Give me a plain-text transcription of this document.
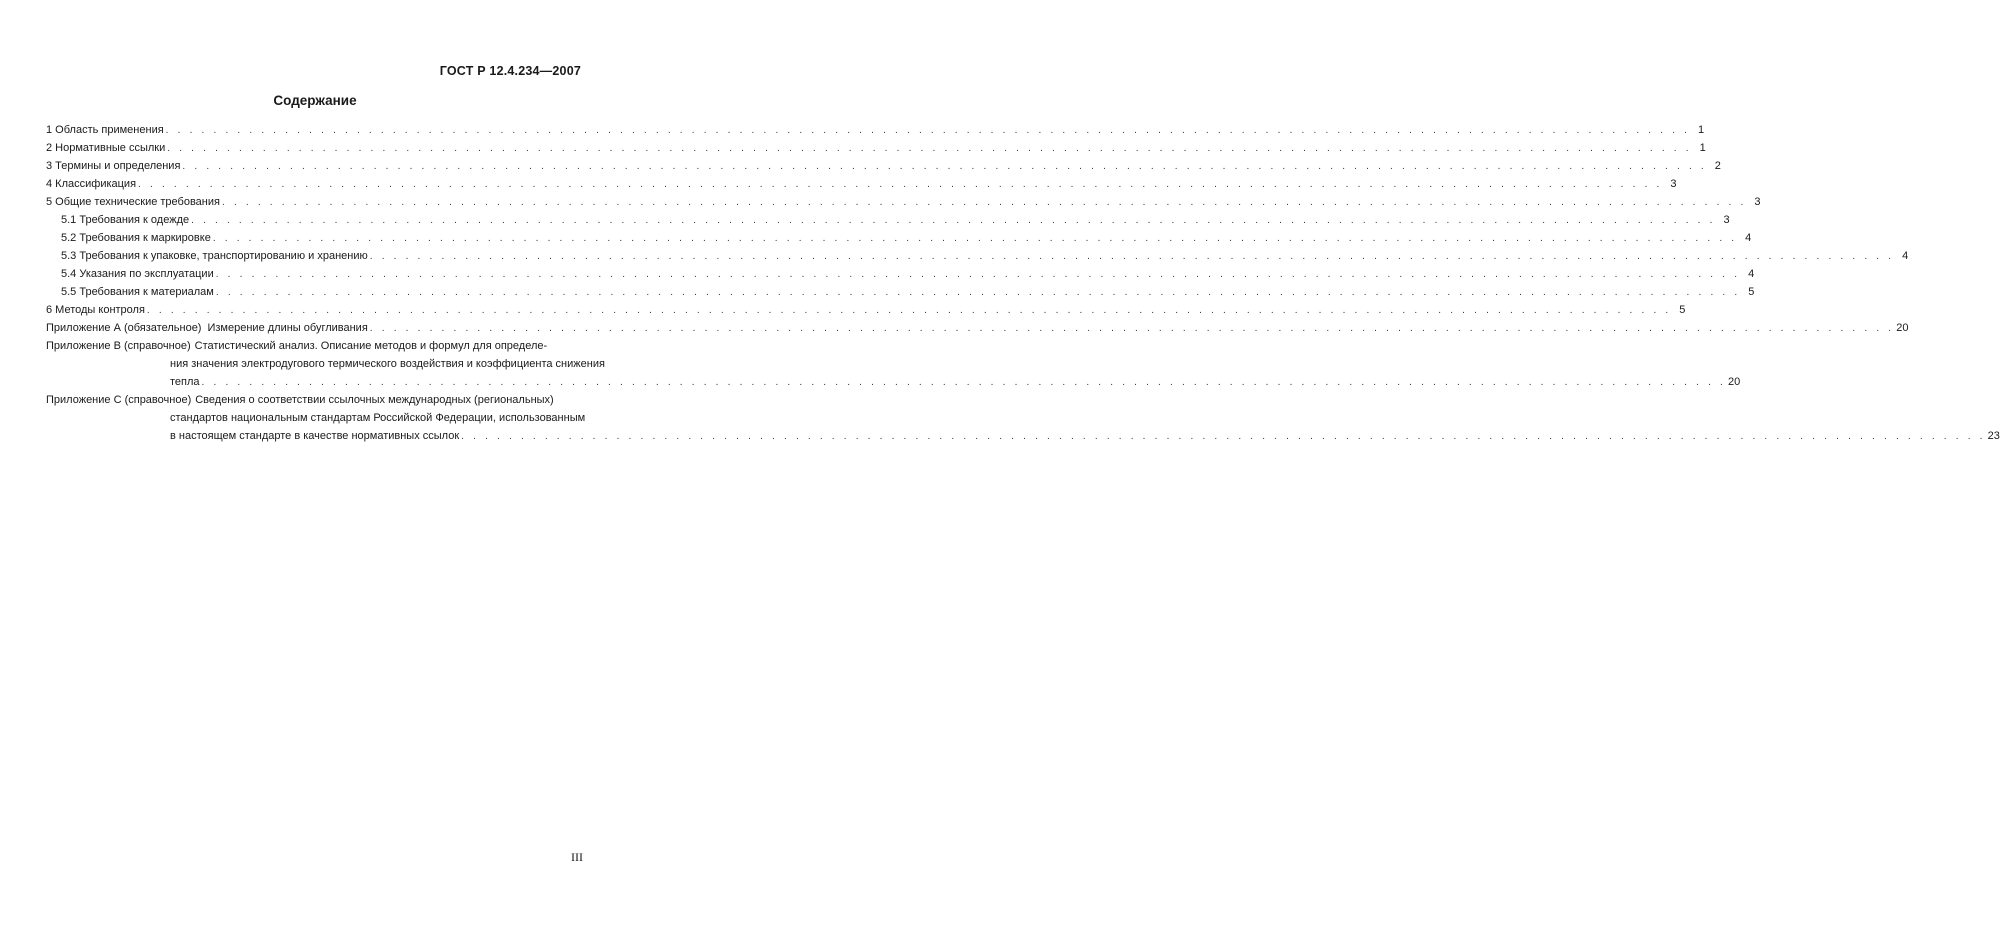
ГОСТ Р 12.4.234—2007
Содержание
1 Область применения . . .	1
2 Нормативные ссылки . . .	1
3 Термины и определения . . .	2
4 Классификация . . .	3
5 Общие технические требования . . .	3
5.1 Требования к одежде . . .	3
5.2 Требования к маркировке . . .	4
5.3 Требования к упаковке, транспортированию и хранению . . .	4
5.4 Указания по эксплуатации . . .	4
5.5 Требования к материалам . . .	5
6 Методы контроля . . .	5
Приложение А (обязательное) Измерение длины обугливания . . .	20
Приложение В (справочное) Статистический анализ. Описание методов и формул для определе-
ния значения электродугового термического воздействия и коэффициента снижения
тепла . . .	20
Приложение С (справочное) Сведения о соответствии ссылочных международных (региональных)
стандартов национальным стандартам Российской Федерации, использованным
в настоящем стандарте в качестве нормативных ссылок . . .	23
III
